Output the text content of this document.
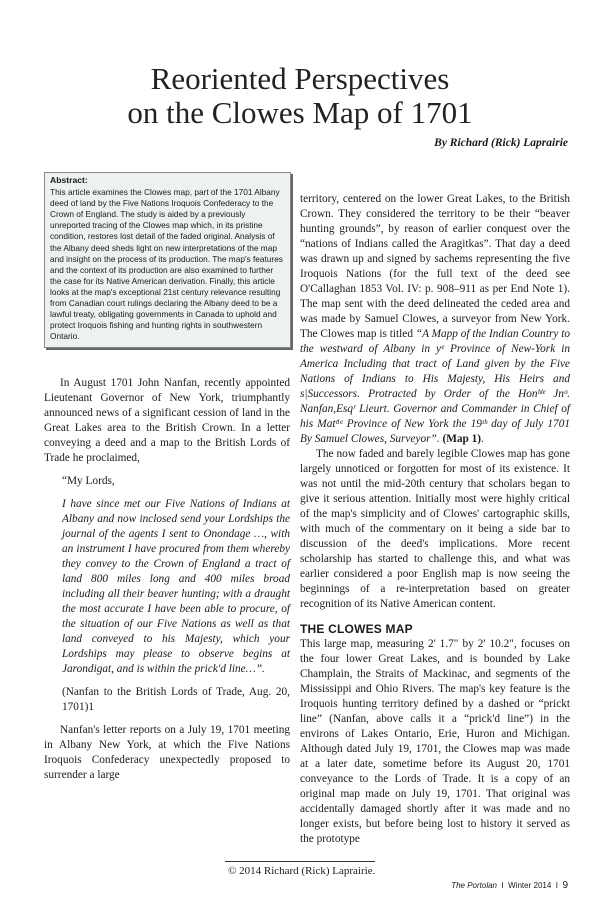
Reoriented Perspectives
on the Clowes Map of 1701
By Richard (Rick) Laprairie
Abstract:

This article examines the Clowes map, part of the 1701 Albany deed of land by the Five Nations Iroquois Confederacy to the Crown of England. The study is aided by a previously unreported tracing of the Clowes map which, in its pristine condition, restores lost detail of the faded original. Analysis of the Albany deed sheds light on new interpretations of the map and insight on the process of its production. The map's features and the context of its production are also examined to further the case for its Native American derivation. Finally, this article looks at the map's exceptional 21st century relevance resulting from Canadian court rulings declaring the Albany deed to be a lawful treaty, obligating governments in Canada to uphold and protect Iroquois fishing and hunting rights in southwestern Ontario.

In August 1701 John Nanfan, recently appointed Lieutenant Governor of New York, triumphantly announced news of a significant cession of land in the Great Lakes area to the British Crown. In a letter conveying a deed and a map to the British Lords of Trade he proclaimed,

“My Lords,

I have since met our Five Nations of Indians at Albany and now inclosed send your Lordships the journal of the agents I sent to Onondage …, with an instrument I have procured from them whereby they convey to the Crown of England a tract of land 800 miles long and 400 miles broad including all their beaver hunting; with a draught the most accurate I have been able to procure, of the situation of our Five Nations as well as that land conveyed to his Majesty, which your Lordships may please to observe begins at Jarondigat, and is within the prick'd line…”.

(Nanfan to the British Lords of Trade, Aug. 20, 1701)1

Nanfan's letter reports on a July 19, 1701 meeting in Albany New York, at which the Five Nations Iroquois Confederacy unexpectedly proposed to surrender a large

territory, centered on the lower Great Lakes, to the British Crown. They considered the territory to be their “beaver hunting grounds”, by reason of earlier conquest over the “nations of Indians called the Aragitkas”. That day a deed was drawn up and signed by sachems representing the five Iroquois Nations (for the full text of the deed see O'Callaghan 1853 Vol. IV: p. 908–911 as per End Note 1). The map sent with the deed delineated the ceded area and was made by Samuel Clowes, a surveyor from New York. The Clowes map is titled “A Mapp of the Indian Country to the westward of Albany in yᵉ Province of New-York in America Including that tract of Land given by the Five Nations of Indians to His Majesty, His Heirs and s|Successors. Protracted by Order of the Honᵇˡᵉ Jnᵒ. Nanfan,Esqʳ Lieurt. Governor and Commander in Chief of his Matᵗⁱᵉ Province of New York the 19ᵗʰ day of July 1701 By Samuel Clowes, Surveyor”. (Map 1).

The now faded and barely legible Clowes map has gone largely unnoticed or forgotten for most of its existence. It was not until the mid-20th century that scholars began to give it serious attention. Initially most were highly critical of the map's simplicity and of Clowes' cartographic skills, with much of the commentary on it being a side bar to discussion of the deed's implications. More recent scholarship has started to challenge this, and what was earlier considered a poor English map is now seeing the beginnings of a re-interpretation based on greater recognition of its Native American content.

THE CLOWES MAP

This large map, measuring 2' 1.7" by 2' 10.2", focuses on the four lower Great Lakes, and is bounded by Lake Champlain, the Straits of Mackinac, and segments of the Mississippi and Ohio Rivers. The map's key feature is the Iroquois hunting territory defined by a dashed or “prickt line” (Nanfan, above calls it a “prick'd line”) in the environs of Lakes Ontario, Erie, Huron and Michigan. Although dated July 19, 1701, the Clowes map was made at a later date, sometime before its August 20, 1701 conveyance to the Lords of Trade. It is a copy of an original map made on July 19, 1701. That original was accidentally damaged shortly after it was made and no longer exists, but before being lost to history it served as the prototype

© 2014 Richard (Rick) Laprairie.
The Portolan I Winter 2014 I 9
